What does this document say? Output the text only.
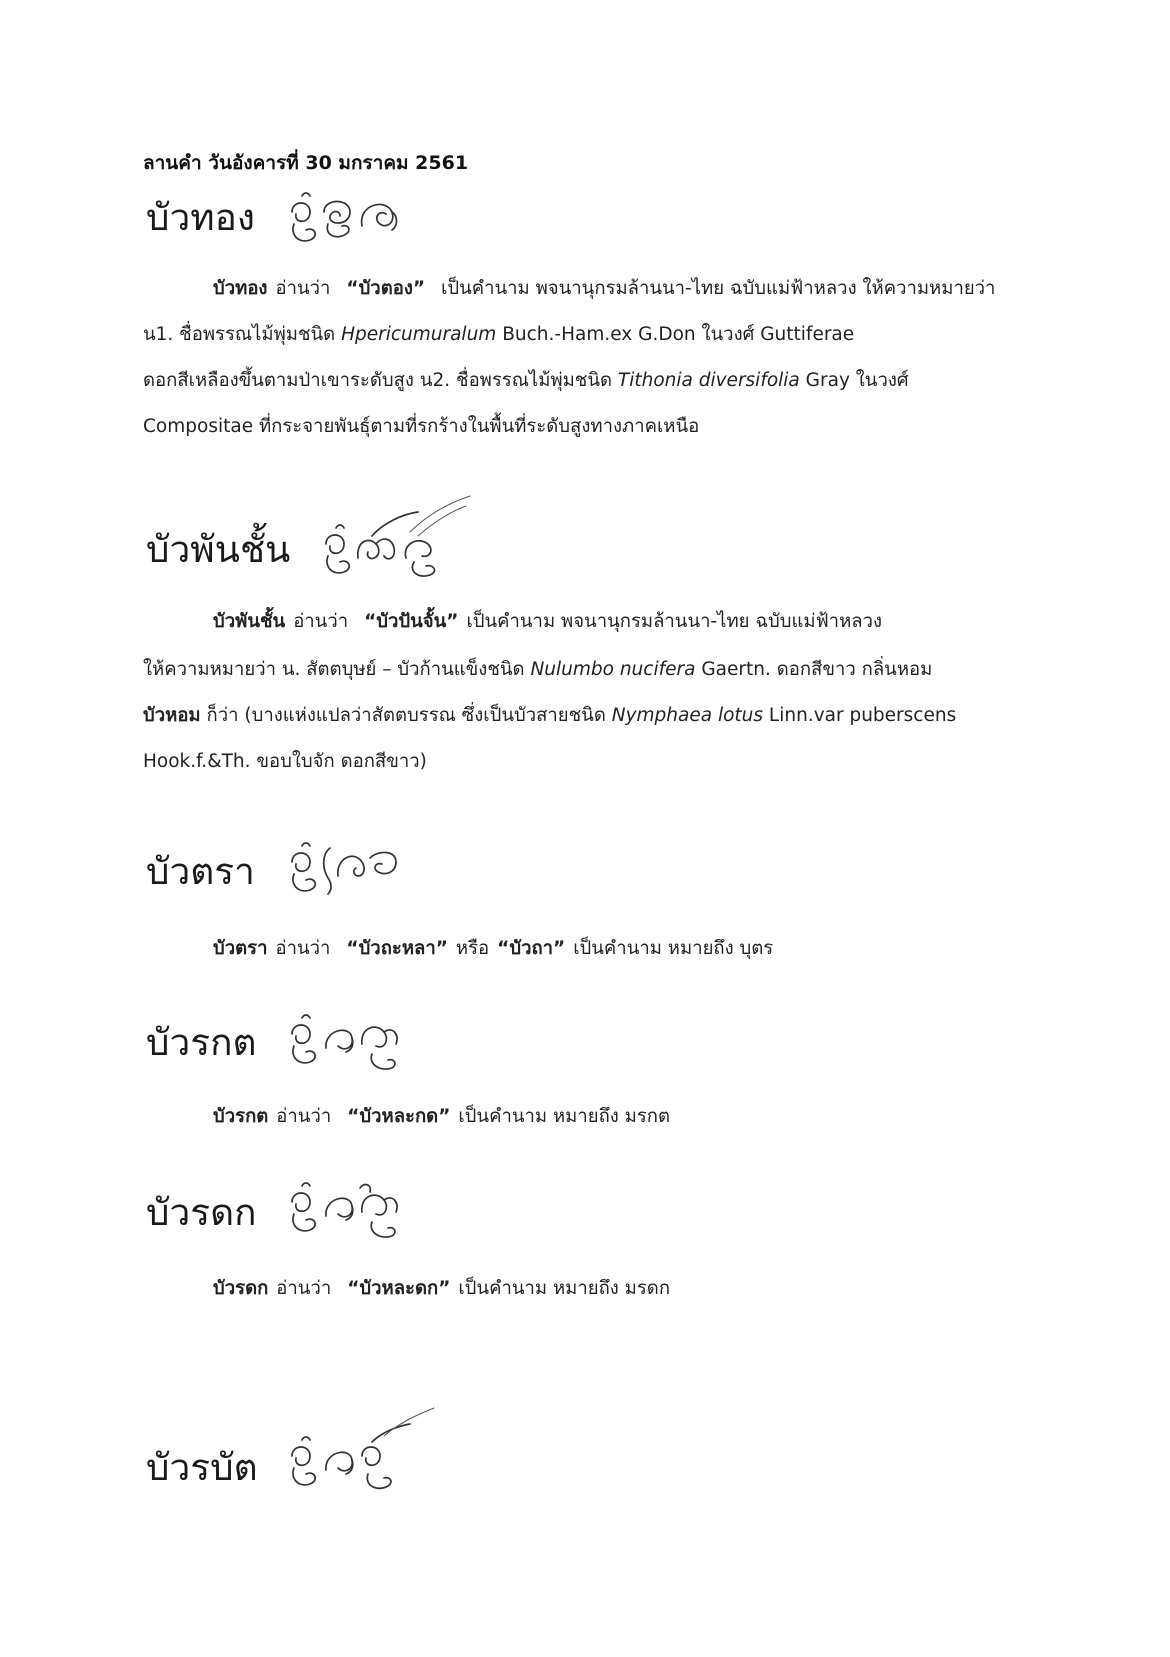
ลานคำ วันอังคารที่ 30 มกราคม 2561
บัวทอง
บัวทอง อ่านว่า “บัวตอง” เป็นคำนาม พจนานุกรมล้านนา-ไทย ฉบับแม่ฟ้าหลวง ให้ความหมายว่า
น1. ชื่อพรรณไม้พุ่มชนิด Hpericumuralum Buch.-Ham.ex G.Don ในวงศ์ Guttiferae
ดอกสีเหลืองขึ้นตามป่าเขาระดับสูง น2. ชื่อพรรณไม้พุ่มชนิด Tithonia diversifolia Gray ในวงศ์
Compositae ที่กระจายพันธุ์ตามที่รกร้างในพื้นที่ระดับสูงทางภาคเหนือ
บัวพันชั้น
บัวพันชั้น อ่านว่า “บัวปันจั้น” เป็นคำนาม พจนานุกรมล้านนา-ไทย ฉบับแม่ฟ้าหลวง
ให้ความหมายว่า น. สัตตบุษย์ – บัวก้านแข็งชนิด Nulumbo nucifera Gaertn. ดอกสีขาว กลิ่นหอม
บัวหอม ก็ว่า (บางแห่งแปลว่าสัตตบรรณ ซึ่งเป็นบัวสายชนิด Nymphaea lotus Linn.var puberscens
Hook.f.&Th. ขอบใบจัก ดอกสีขาว)
บัวตรา
บัวตรา อ่านว่า “บัวถะหลา” หรือ “บัวถา” เป็นคำนาม หมายถึง บุตร
บัวรกต
บัวรกต อ่านว่า “บัวหละกด” เป็นคำนาม หมายถึง มรกต
บัวรดก
บัวรดก อ่านว่า “บัวหละดก” เป็นคำนาม หมายถึง มรดก
บัวรบัต
